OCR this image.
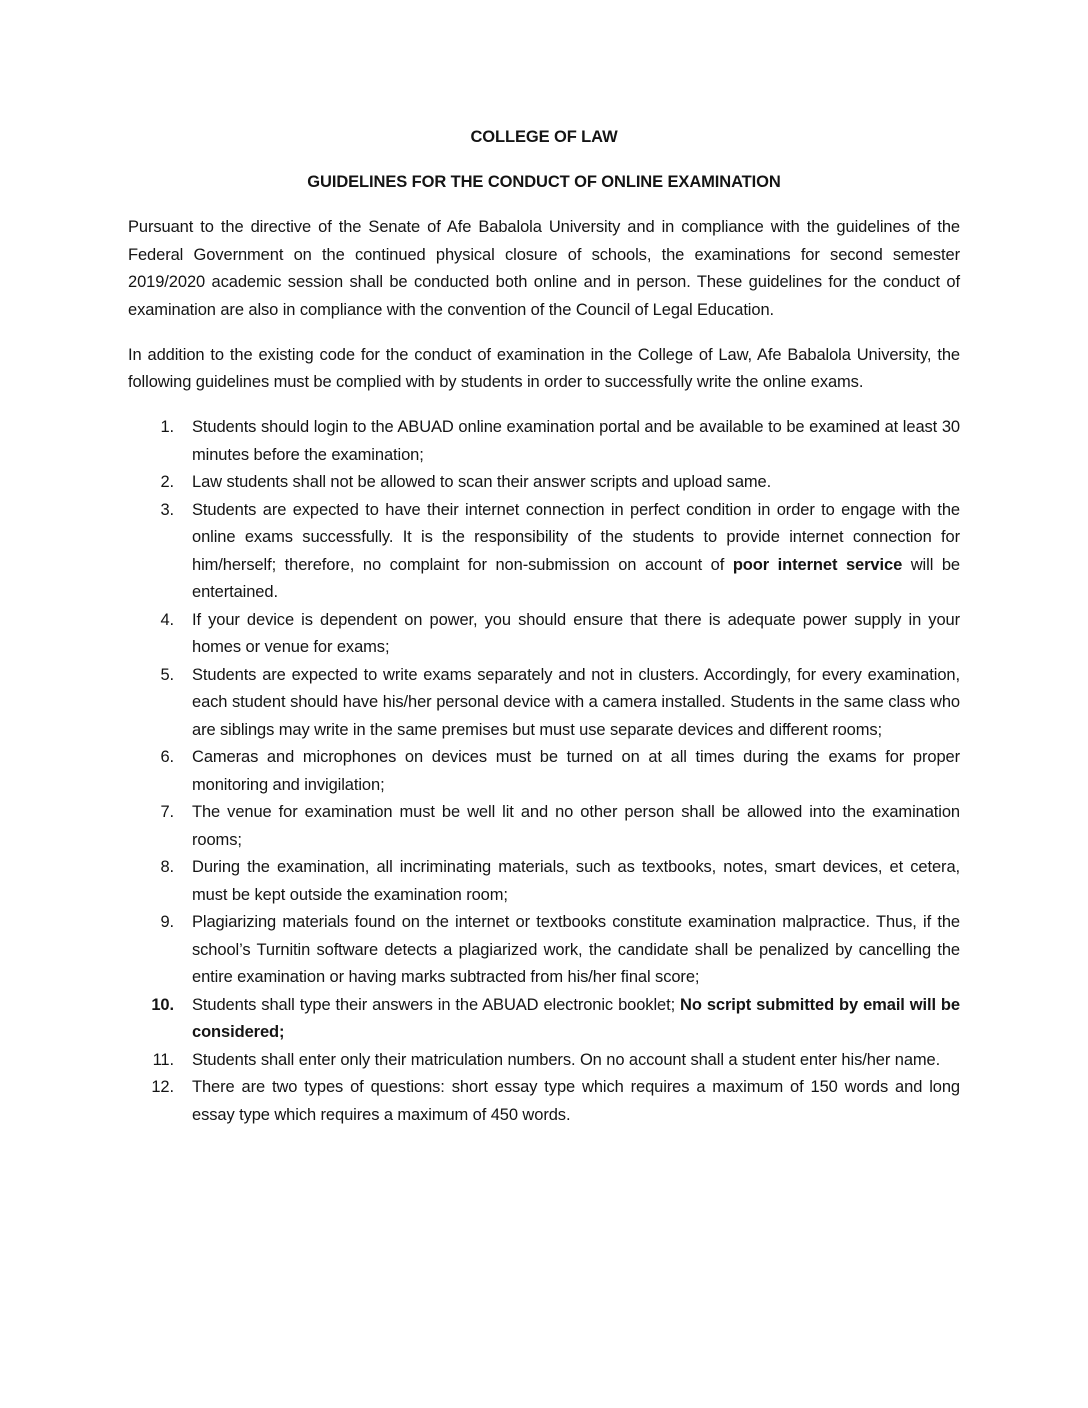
COLLEGE OF LAW

GUIDELINES FOR THE CONDUCT OF ONLINE EXAMINATION

Pursuant to the directive of the Senate of Afe Babalola University and in compliance with the guidelines of the Federal Government on the continued physical closure of schools, the examinations for second semester 2019/2020 academic session shall be conducted both online and in person. These guidelines for the conduct of examination are also in compliance with the convention of the Council of Legal Education.

In addition to the existing code for the conduct of examination in the College of Law, Afe Babalola University, the following guidelines must be complied with by students in order to successfully write the online exams.

1. Students should login to the ABUAD online examination portal and be available to be examined at least 30 minutes before the examination;
2. Law students shall not be allowed to scan their answer scripts and upload same.
3. Students are expected to have their internet connection in perfect condition in order to engage with the online exams successfully. It is the responsibility of the students to provide internet connection for him/herself; therefore, no complaint for non-submission on account of poor internet service will be entertained.
4. If your device is dependent on power, you should ensure that there is adequate power supply in your homes or venue for exams;
5. Students are expected to write exams separately and not in clusters. Accordingly, for every examination, each student should have his/her personal device with a camera installed. Students in the same class who are siblings may write in the same premises but must use separate devices and different rooms;
6. Cameras and microphones on devices must be turned on at all times during the exams for proper monitoring and invigilation;
7. The venue for examination must be well lit and no other person shall be allowed into the examination rooms;
8. During the examination, all incriminating materials, such as textbooks, notes, smart devices, et cetera, must be kept outside the examination room;
9. Plagiarizing materials found on the internet or textbooks constitute examination malpractice. Thus, if the school’s Turnitin software detects a plagiarized work, the candidate shall be penalized by cancelling the entire examination or having marks subtracted from his/her final score;
10. Students shall type their answers in the ABUAD electronic booklet; No script submitted by email will be considered;
11. Students shall enter only their matriculation numbers. On no account shall a student enter his/her name.
12. There are two types of questions: short essay type which requires a maximum of 150 words and long essay type which requires a maximum of 450 words.
